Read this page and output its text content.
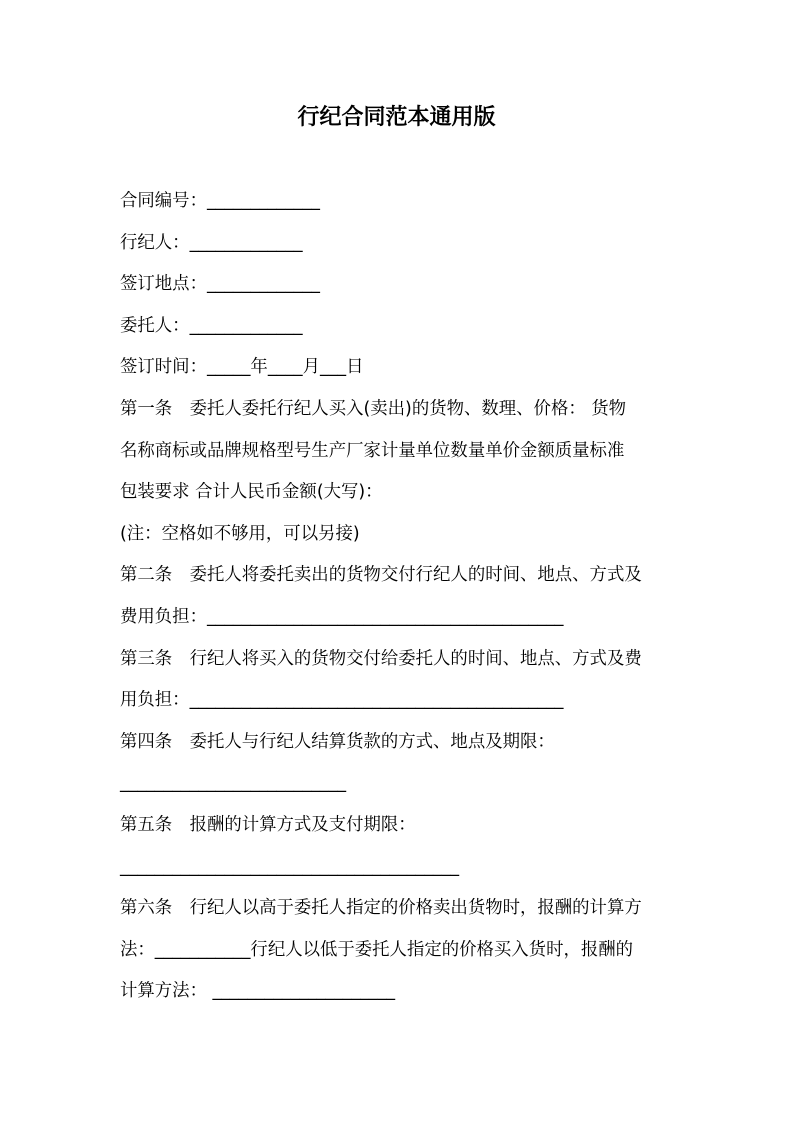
行纪合同范本通用版
合同编号：_____________
行纪人：_____________
签订地点：_____________
委托人：_____________
签订时间：_____年____月___日
第一条　委托人委托行纪人买入(卖出)的货物、数理、价格： 货物
名称商标或品牌规格型号生产厂家计量单位数量单价金额质量标准
包装要求 合计人民币金额(大写)：
(注：空格如不够用，可以另接)
第二条　委托人将委托卖出的货物交付行纪人的时间、地点、方式及
费用负担：_________________________________________
第三条　行纪人将买入的货物交付给委托人的时间、地点、方式及费
用负担：___________________________________________
第四条　委托人与行纪人结算货款的方式、地点及期限：
__________________________
第五条　报酬的计算方式及支付期限：
_______________________________________
第六条　行纪人以高于委托人指定的价格卖出货物时，报酬的计算方
法：___________行纪人以低于委托人指定的价格买入货时，报酬的
计算方法： _____________________
